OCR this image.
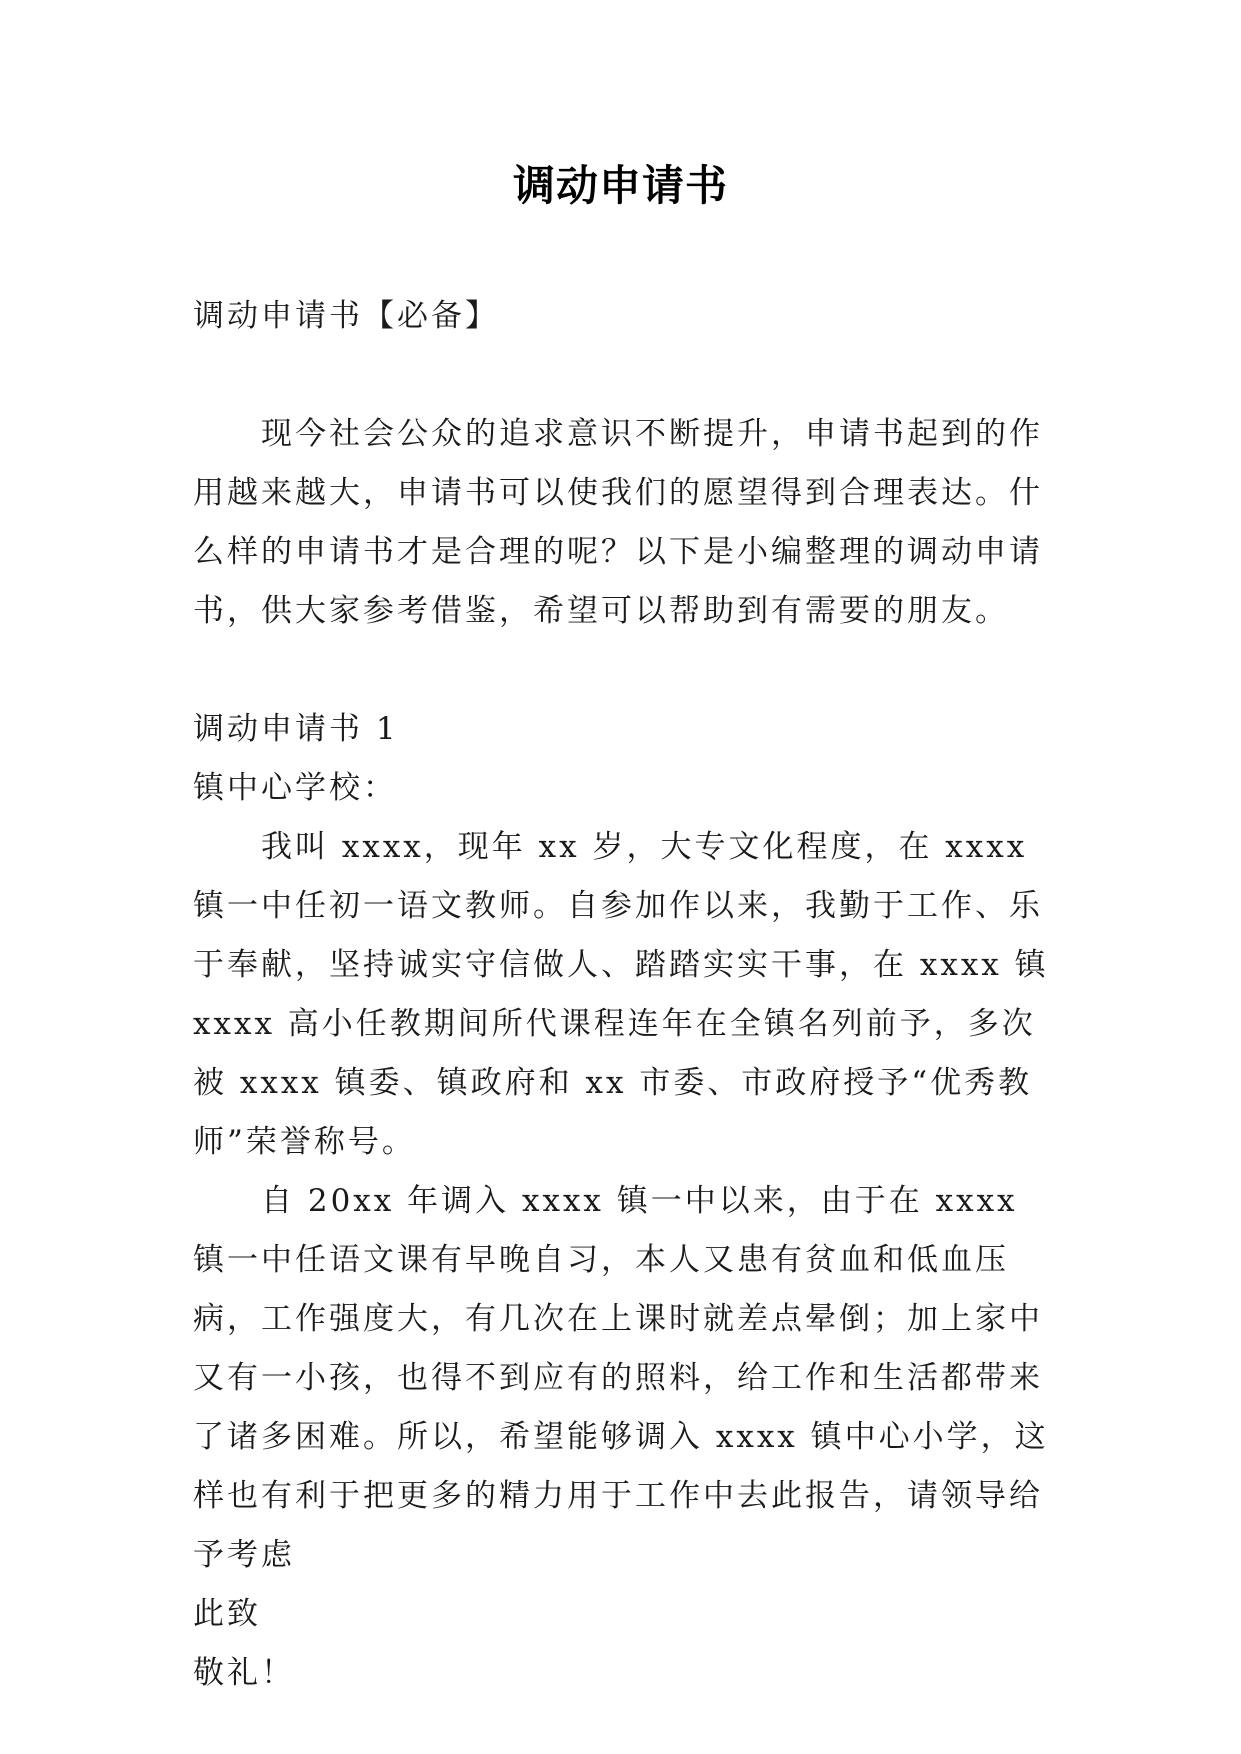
调动申请书

调动申请书【必备】

现今社会公众的追求意识不断提升，申请书起到的作用越来越大，申请书可以使我们的愿望得到合理表达。什么样的申请书才是合理的呢？以下是小编整理的调动申请书，供大家参考借鉴，希望可以帮助到有需要的朋友。

调动申请书 1

镇中心学校：

我叫 xxxx，现年 xx 岁，大专文化程度，在 xxxx 镇一中任初一语文教师。自参加作以来，我勤于工作、乐于奉献，坚持诚实守信做人、踏踏实实干事，在 xxxx 镇 xxxx 高小任教期间所代课程连年在全镇名列前予，多次被 xxxx 镇委、镇政府和 xx 市委、市政府授予“优秀教师”荣誉称号。

自 20xx 年调入 xxxx 镇一中以来，由于在 xxxx 镇一中任语文课有早晚自习，本人又患有贫血和低血压病，工作强度大，有几次在上课时就差点晕倒；加上家中又有一小孩，也得不到应有的照料，给工作和生活都带来了诸多困难。所以，希望能够调入 xxxx 镇中心小学，这样也有利于把更多的精力用于工作中去此报告，请领导给予考虑

此致

敬礼！
